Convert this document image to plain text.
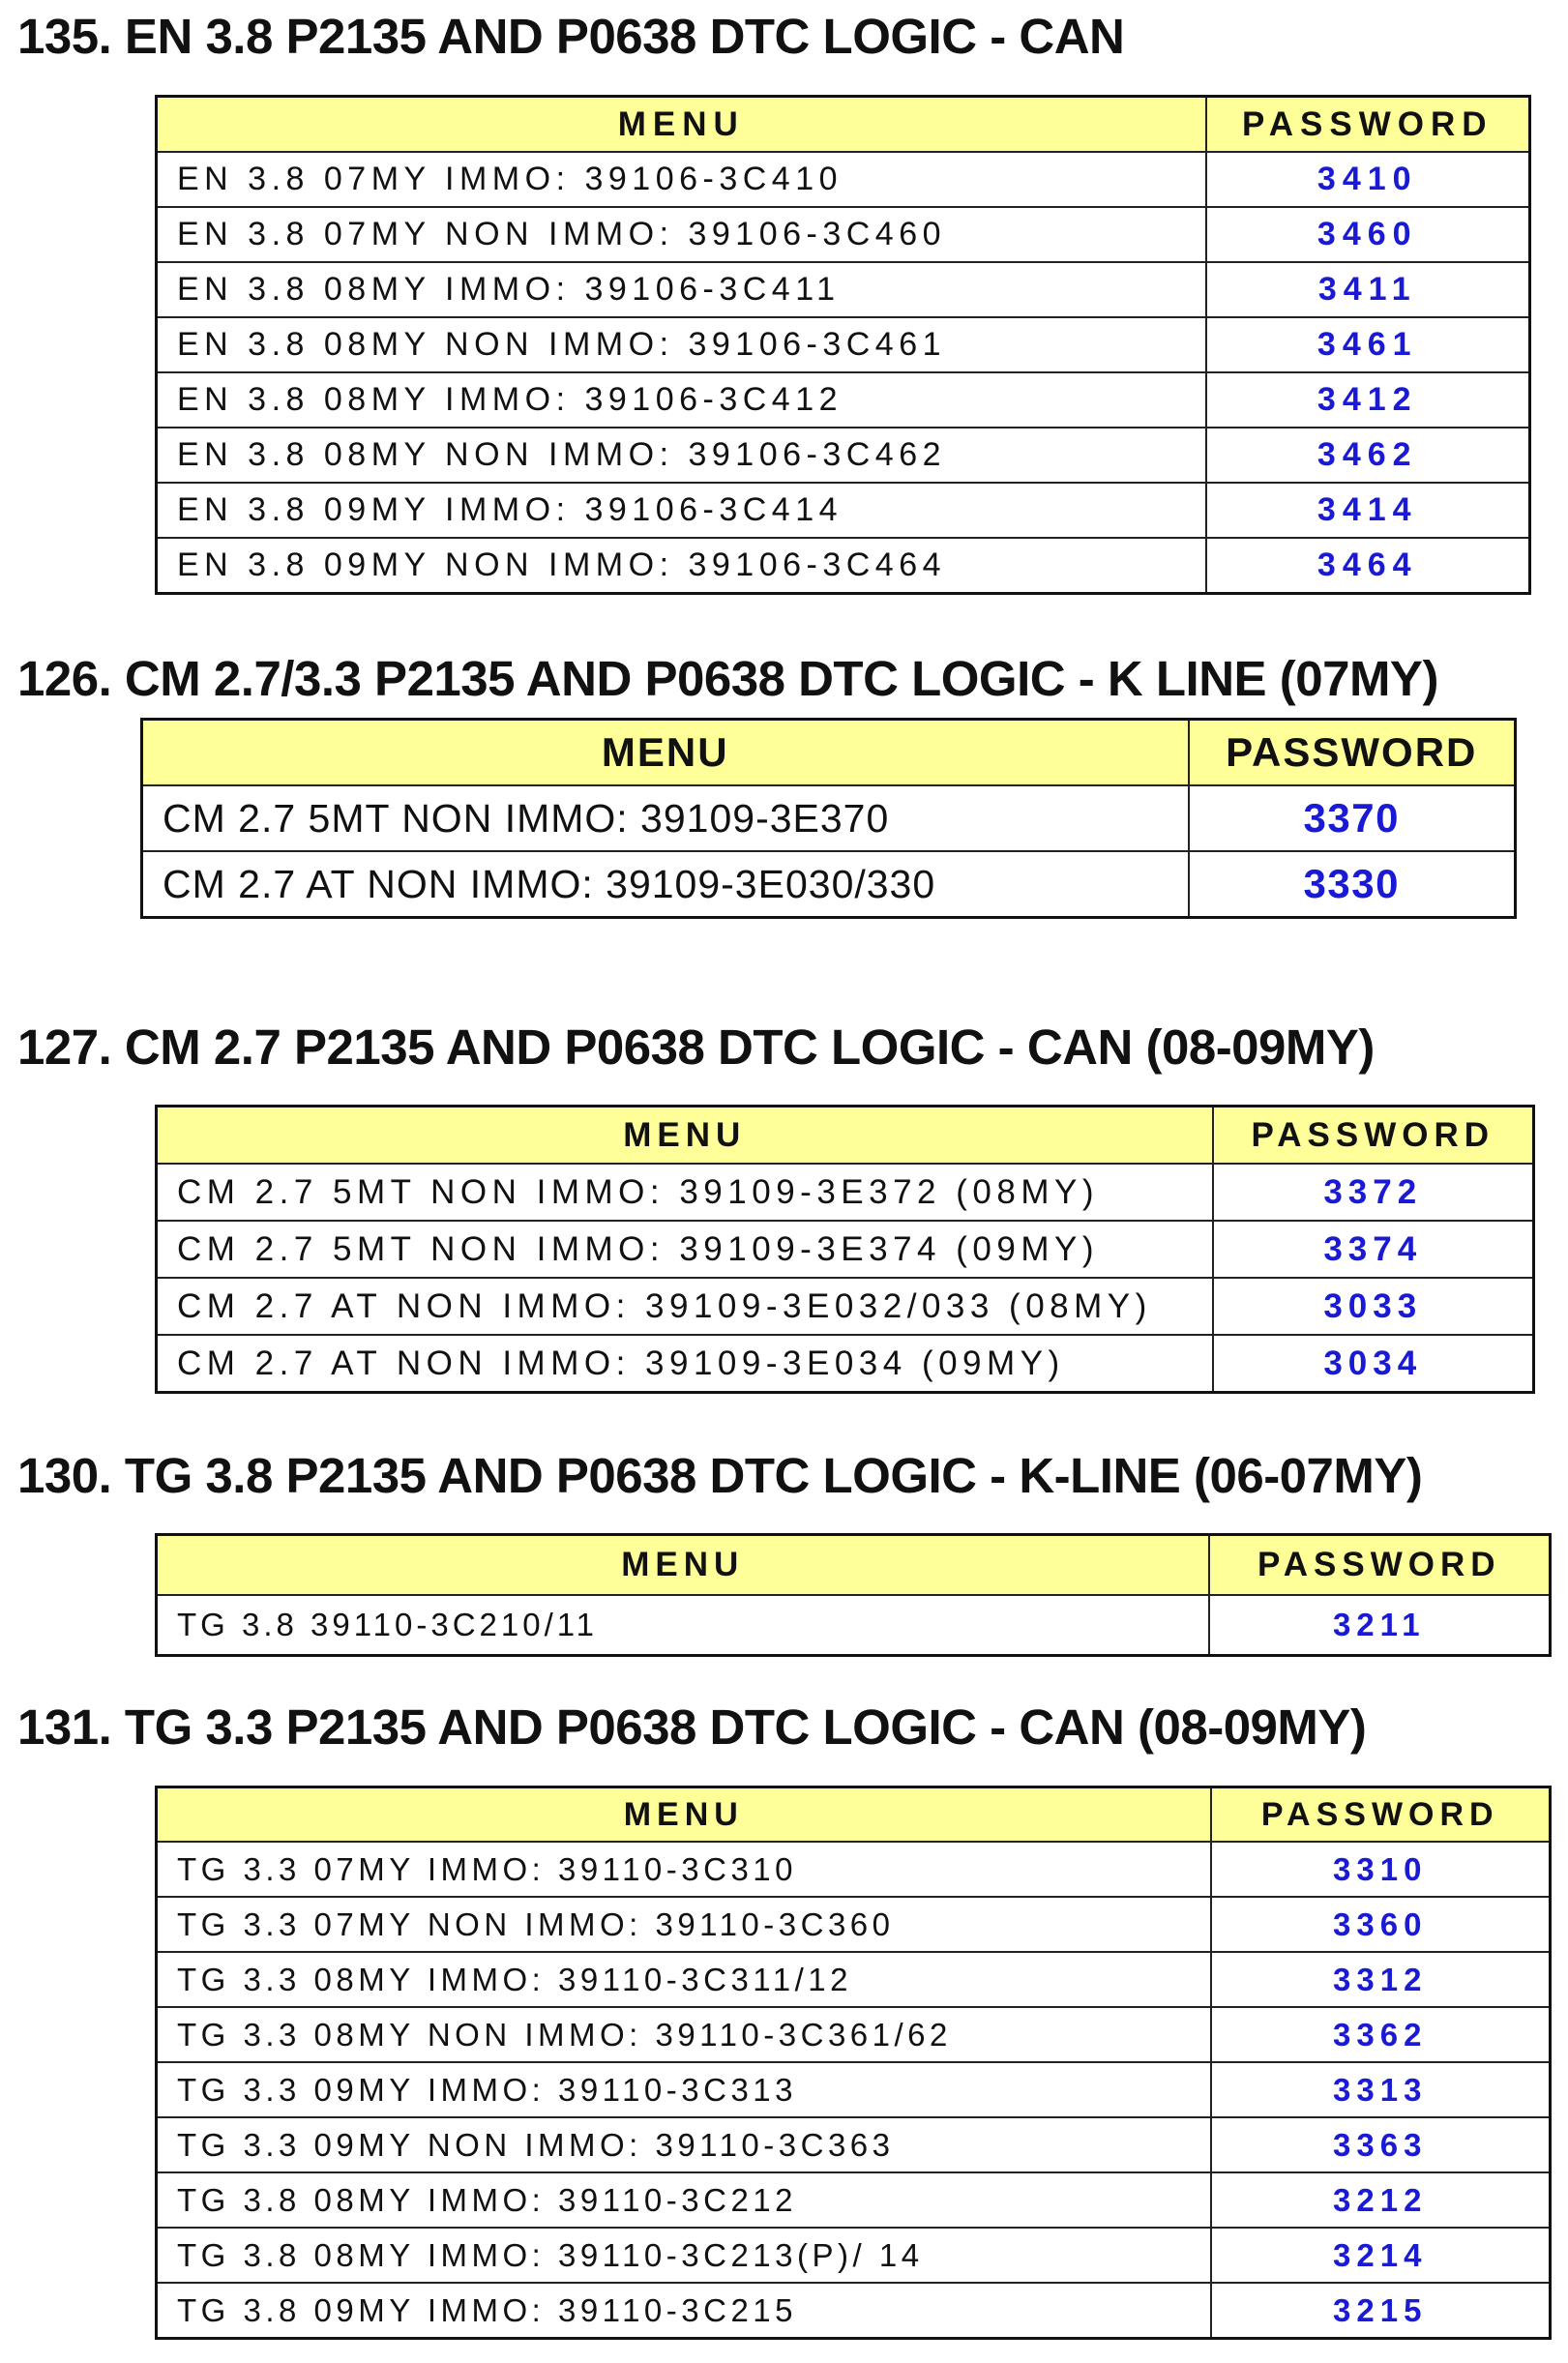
135. EN 3.8 P2135 AND P0638 DTC LOGIC - CAN
MENU	PASSWORD
EN 3.8 07MY IMMO: 39106-3C410	3410
EN 3.8 07MY NON IMMO: 39106-3C460	3460
EN 3.8 08MY IMMO: 39106-3C411	3411
EN 3.8 08MY NON IMMO: 39106-3C461	3461
EN 3.8 08MY IMMO: 39106-3C412	3412
EN 3.8 08MY NON IMMO: 39106-3C462	3462
EN 3.8 09MY IMMO: 39106-3C414	3414
EN 3.8 09MY NON IMMO: 39106-3C464	3464
126. CM 2.7/3.3 P2135 AND P0638 DTC LOGIC - K LINE (07MY)
MENU	PASSWORD
CM 2.7 5MT NON IMMO: 39109-3E370	3370
CM 2.7 AT NON IMMO: 39109-3E030/330	3330
127. CM 2.7 P2135 AND P0638 DTC LOGIC - CAN (08-09MY)
MENU	PASSWORD
CM 2.7 5MT NON IMMO: 39109-3E372 (08MY)	3372
CM 2.7 5MT NON IMMO: 39109-3E374 (09MY)	3374
CM 2.7 AT NON IMMO: 39109-3E032/033 (08MY)	3033
CM 2.7 AT NON IMMO: 39109-3E034 (09MY)	3034
130. TG 3.8 P2135 AND P0638 DTC LOGIC - K-LINE (06-07MY)
MENU	PASSWORD
TG 3.8 39110-3C210/11	3211
131. TG 3.3 P2135 AND P0638 DTC LOGIC - CAN (08-09MY)
MENU	PASSWORD
TG 3.3 07MY IMMO: 39110-3C310	3310
TG 3.3 07MY NON IMMO: 39110-3C360	3360
TG 3.3 08MY IMMO: 39110-3C311/12	3312
TG 3.3 08MY NON IMMO: 39110-3C361/62	3362
TG 3.3 09MY IMMO: 39110-3C313	3313
TG 3.3 09MY NON IMMO: 39110-3C363	3363
TG 3.8 08MY IMMO: 39110-3C212	3212
TG 3.8 08MY IMMO: 39110-3C213(P)/ 14	3214
TG 3.8 09MY IMMO: 39110-3C215	3215
